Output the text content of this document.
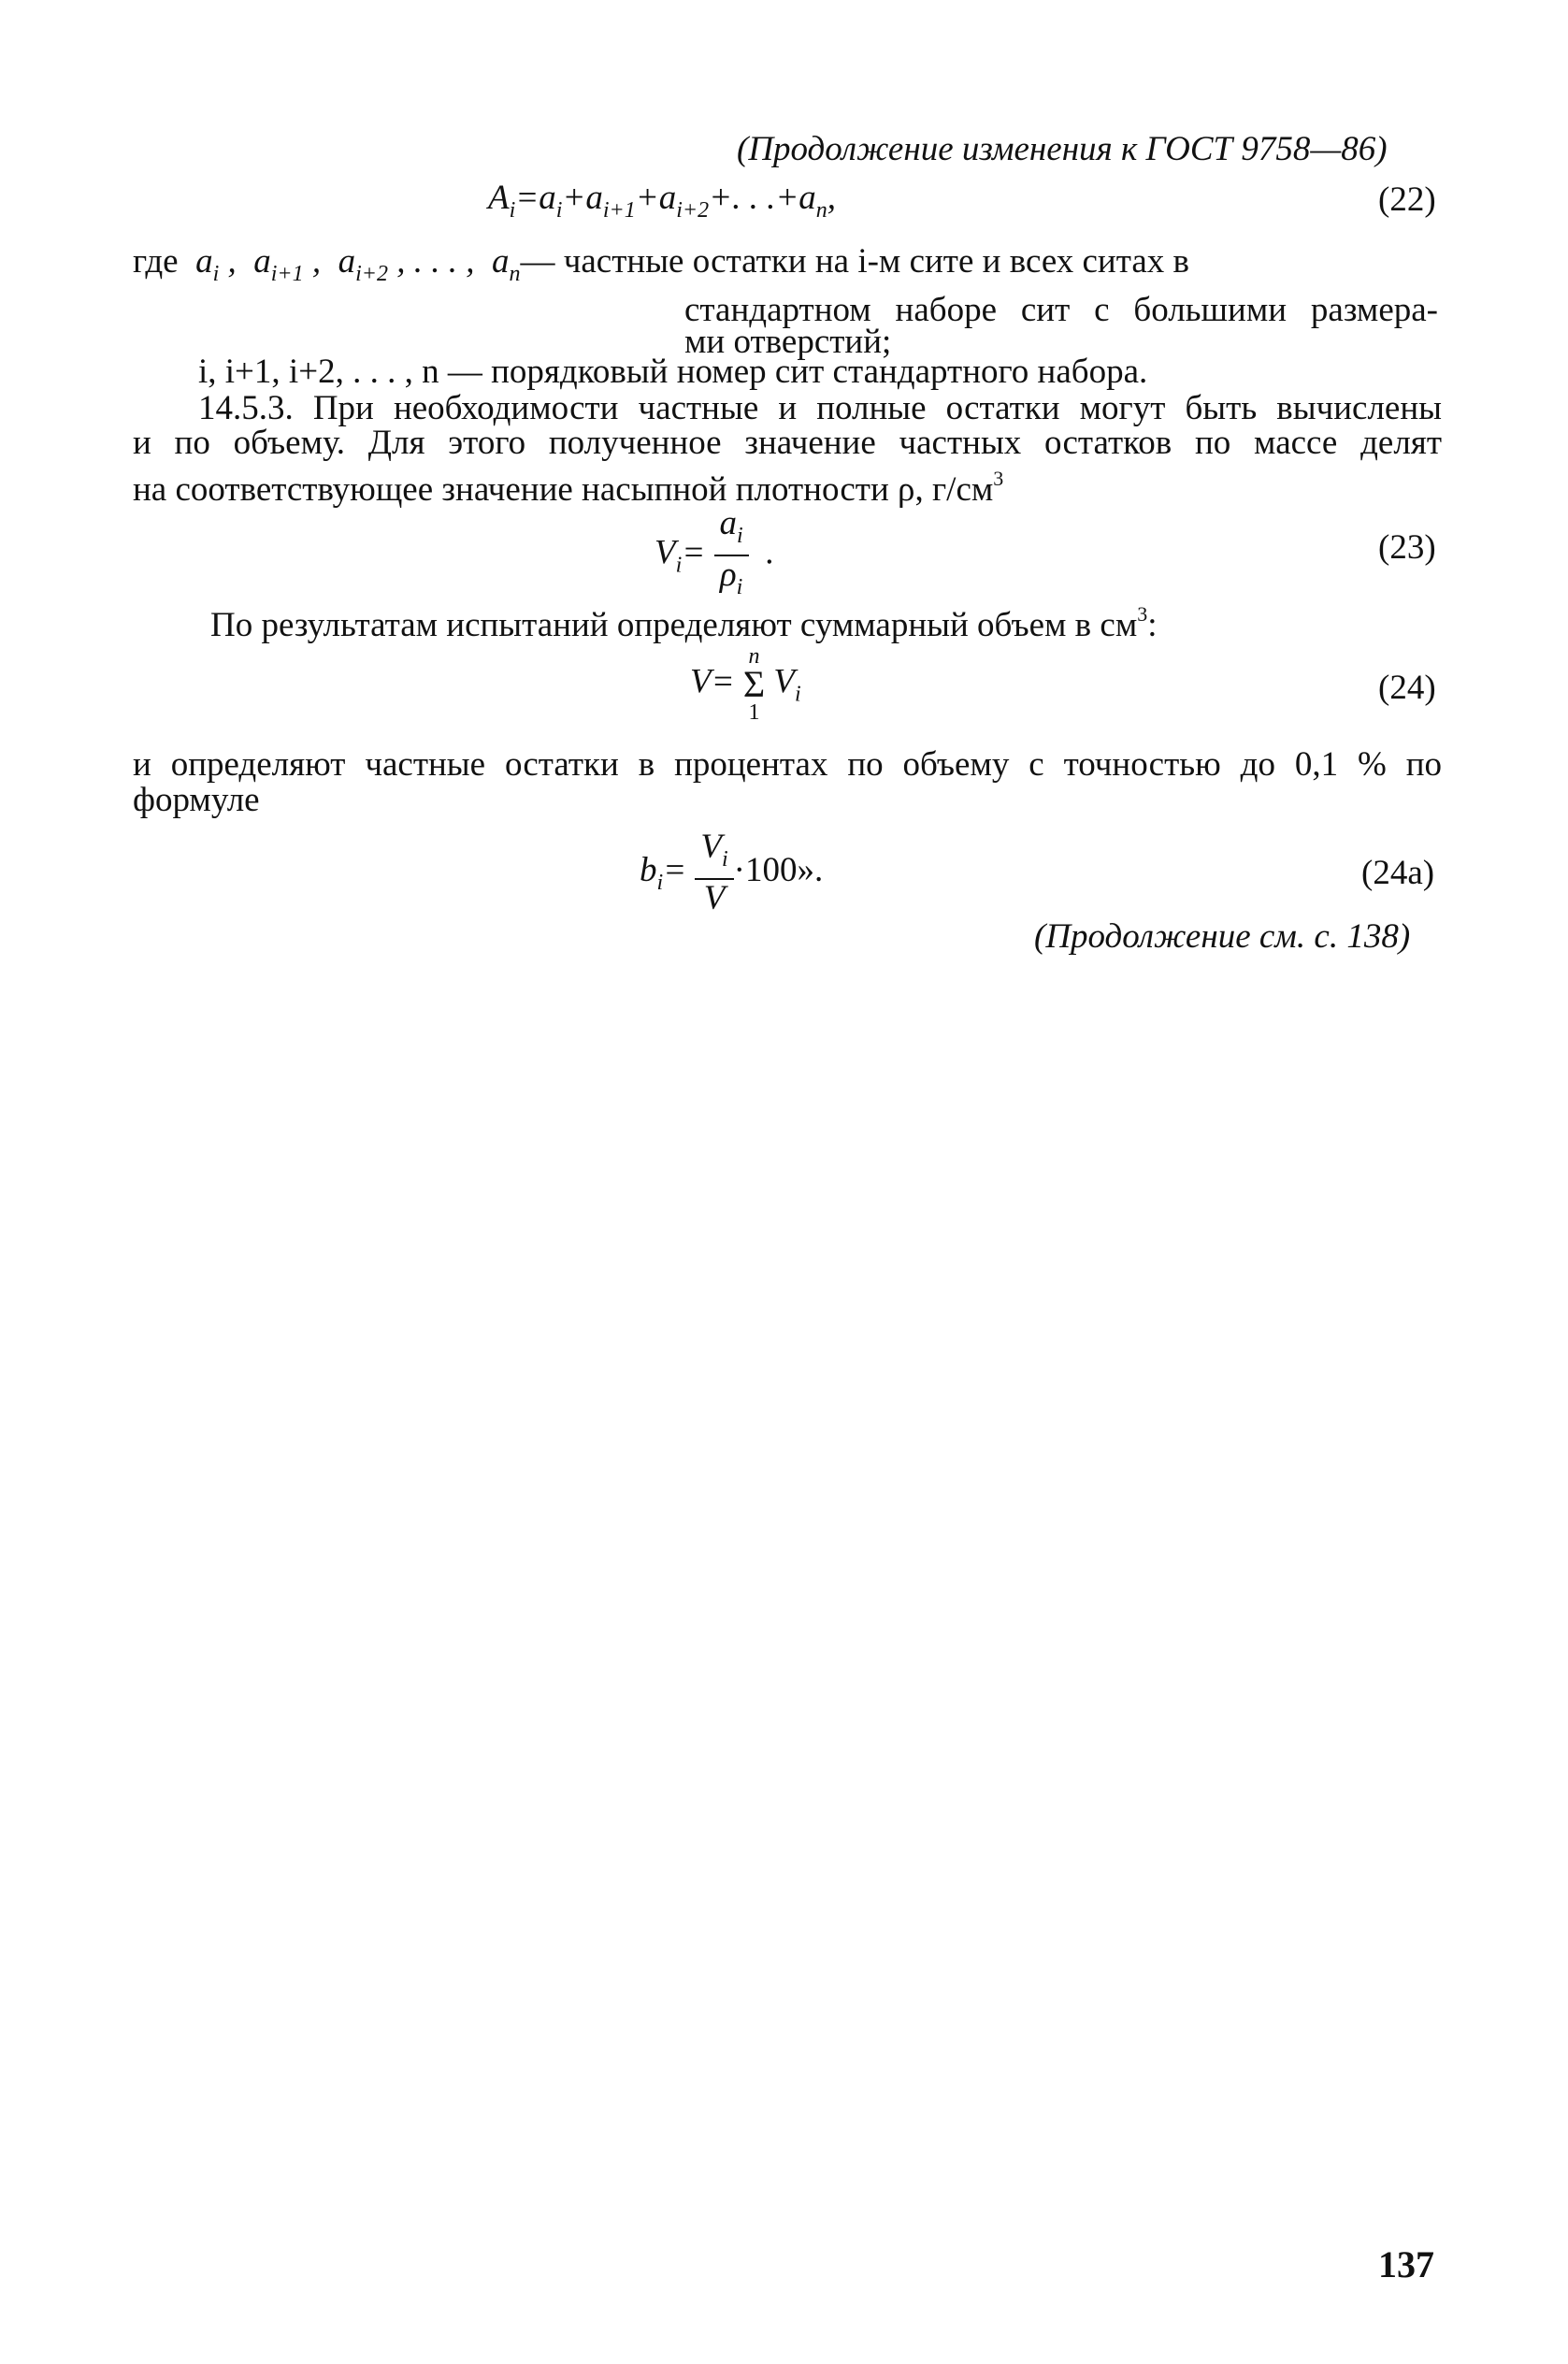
(Продолжение изменения к ГОСТ 9758—86)
$A_i=a_i+a_{i+1}+a_{i+2}+$. . $.+a_n$,	(22)
где  $a_i$ ,  $a_{i+1}$ ,  $a_{i+2}$ , . . . ,  $a_n—$ частные остатки на i-м сите и всех ситах в
стандартном наборе сит с большими размера-
ми отверстий;
i, i+1, i+2, . . . , n — порядковый номер сит стандартного набора.
14.5.3. При необходимости частные и полные остатки могут быть вычислены
и по объему. Для этого полученное значение частных остатков по массе делят
на соответствующее значение насыпной плотности ρ, $г/см^3$
$V_i= \frac{a_i}{\rho_i}$ .	(23)
По результатам испытаний определяют суммарный объем в $см^3$:
V=
n
Σ
1
$V_i$	(24)
и определяют частные остатки в процентах по объему с точностью до 0,1 % по
формуле
$b_i= \frac{V_i}{V} \cdot 100$».	(24а)
(Продолжение см. с. 138)
137
